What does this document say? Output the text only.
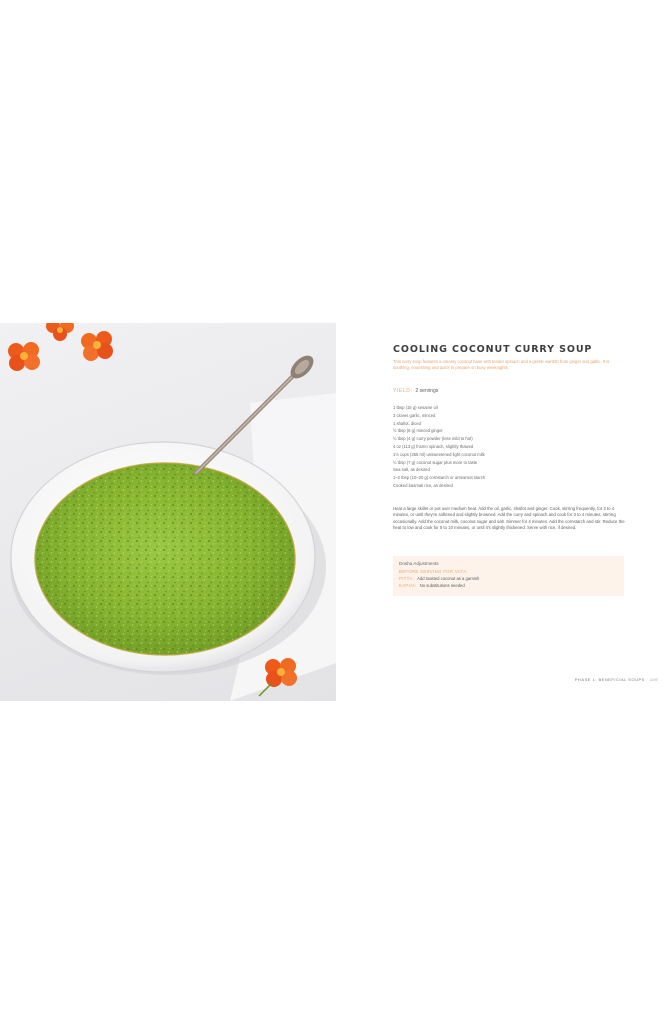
COOLING COCONUT CURRY SOUP
This curry soup features a creamy coconut base with tender spinach and a gentle warmth from ginger and garlic. It is soothing, nourishing and quick to prepare on busy weeknights.
YIELD: 2 servings
1 tbsp (15 g) sesame oil
3 cloves garlic, minced
1 shallot, diced
½ tbsp (6 g) minced ginger
½ tbsp (4 g) curry powder (less mild to hot)
4 oz (113 g) frozen spinach, slightly thawed
1½ cups (355 ml) unsweetened light coconut milk
½ tbsp (7 g) coconut sugar plus more to taste
Sea salt, as desired
1–2 tbsp (10–20 g) cornstarch or arrowroot starch
Cooked basmati rice, as desired
Heat a large skillet or pot over medium heat. Add the oil, garlic, shallot and ginger. Cook, stirring frequently, for 3 to 4 minutes, or until they're softened and slightly browned. Add the curry and spinach and cook for 3 to 4 minutes, stirring occasionally. Add the coconut milk, coconut sugar and salt. Simmer for 4 minutes. Add the cornstarch and stir. Reduce the heat to low and cook for 5 to 10 minutes, or until it's slightly thickened. Serve with rice, if desired.
Dosha Adjustments
BEFORE SERVING FOR VATA:
PITTA: Add toasted coconut as a garnish
KAPHA: No substitutions needed
PHASE 1: BENEFICIAL SOUPS 109
